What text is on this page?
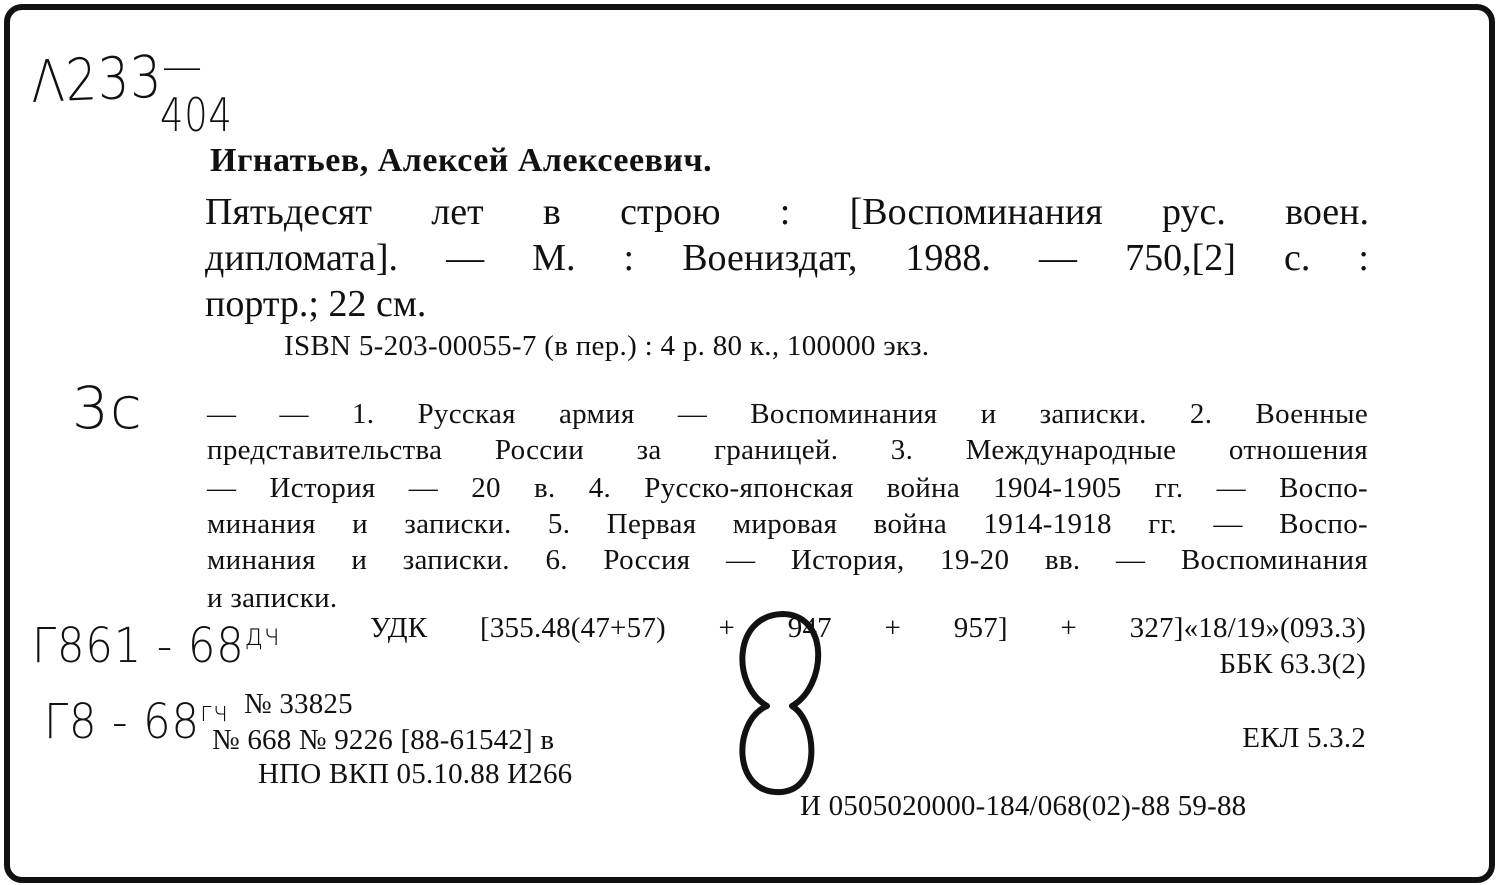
Λ233
—
404
3c
$\Gamma 861 - 68^{дч}$
$\Gamma 8 - 68^{гч}$
Игнатьев, Алексей Алексеевич.
Пятьдесят лет в строю : [Воспоминания рус. воен.
дипломата]. — М. : Воениздат, 1988. — 750,[2] с. :
портр.; 22 см.
ISBN 5-203-00055-7 (в пер.) : 4 р. 80 к., 100000 экз.
— — 1. Русская армия — Воспоминания и записки. 2. Военные
представительства России за границей. 3. Международные отношения
— История — 20 в. 4. Русско-японская война 1904-1905 гг. — Воспо-
минания и записки. 5. Первая мировая война 1914-1918 гг. — Воспо-
минания и записки. 6. Россия — История, 19-20 вв. — Воспоминания
и записки.
УДК [355.48(47+57) + 947 + 957] + 327]«18/19»(093.3)
ББК 63.3(2)
№ 33825
№ 668 № 9226 [88-61542] в
НПО ВКП 05.10.88 И266
ЕКЛ 5.3.2
И 0505020000-184/068(02)-88 59-88
